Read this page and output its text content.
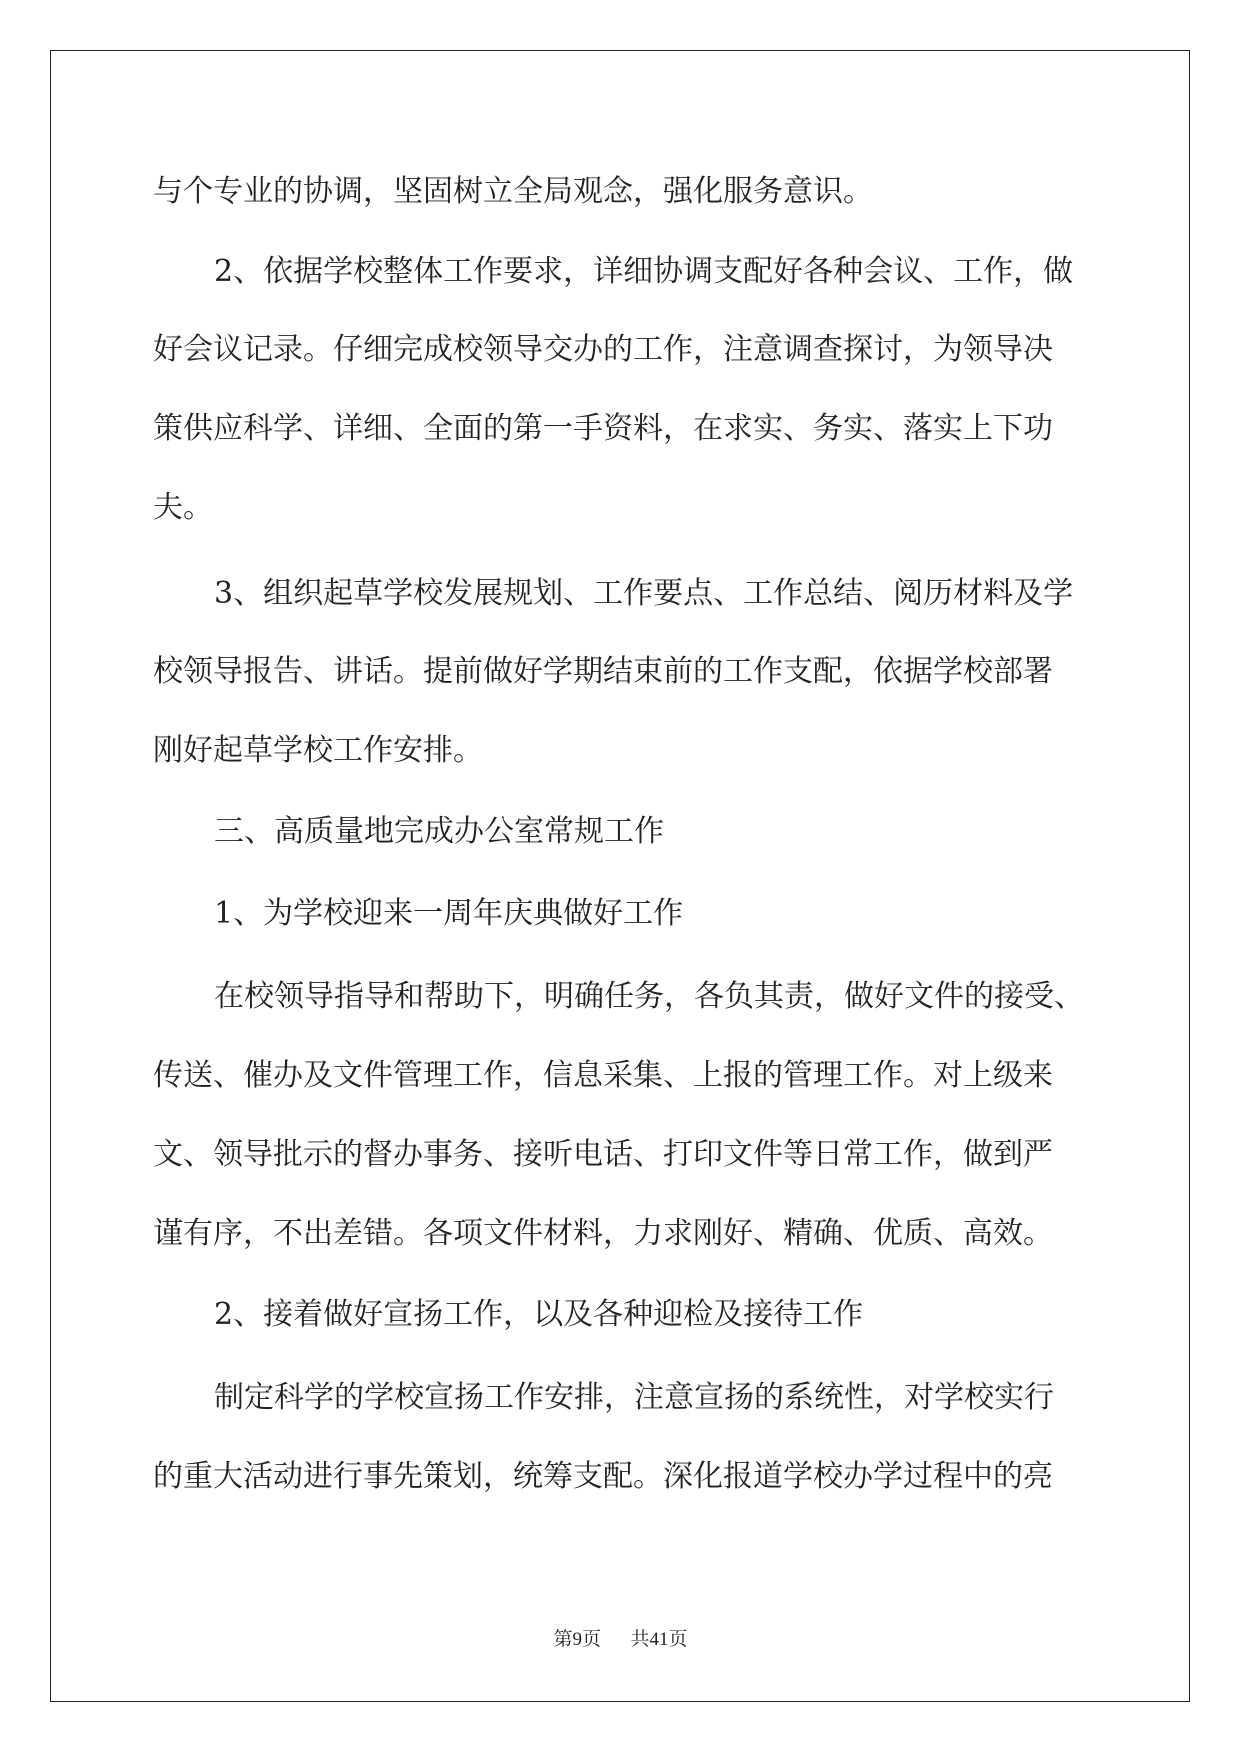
与个专业的协调，坚固树立全局观念，强化服务意识。
2、依据学校整体工作要求，详细协调支配好各种会议、工作，做
好会议记录。仔细完成校领导交办的工作，注意调查探讨，为领导决
策供应科学、详细、全面的第一手资料，在求实、务实、落实上下功
夫。
3、组织起草学校发展规划、工作要点、工作总结、阅历材料及学
校领导报告、讲话。提前做好学期结束前的工作支配，依据学校部署
刚好起草学校工作安排。
三、高质量地完成办公室常规工作
1、为学校迎来一周年庆典做好工作
在校领导指导和帮助下，明确任务，各负其责，做好文件的接受、
传送、催办及文件管理工作，信息采集、上报的管理工作。对上级来
文、领导批示的督办事务、接听电话、打印文件等日常工作，做到严
谨有序，不出差错。各项文件材料，力求刚好、精确、优质、高效。
2、接着做好宣扬工作，以及各种迎检及接待工作
制定科学的学校宣扬工作安排，注意宣扬的系统性，对学校实行
的重大活动进行事先策划，统筹支配。深化报道学校办学过程中的亮
第9页 共41页
